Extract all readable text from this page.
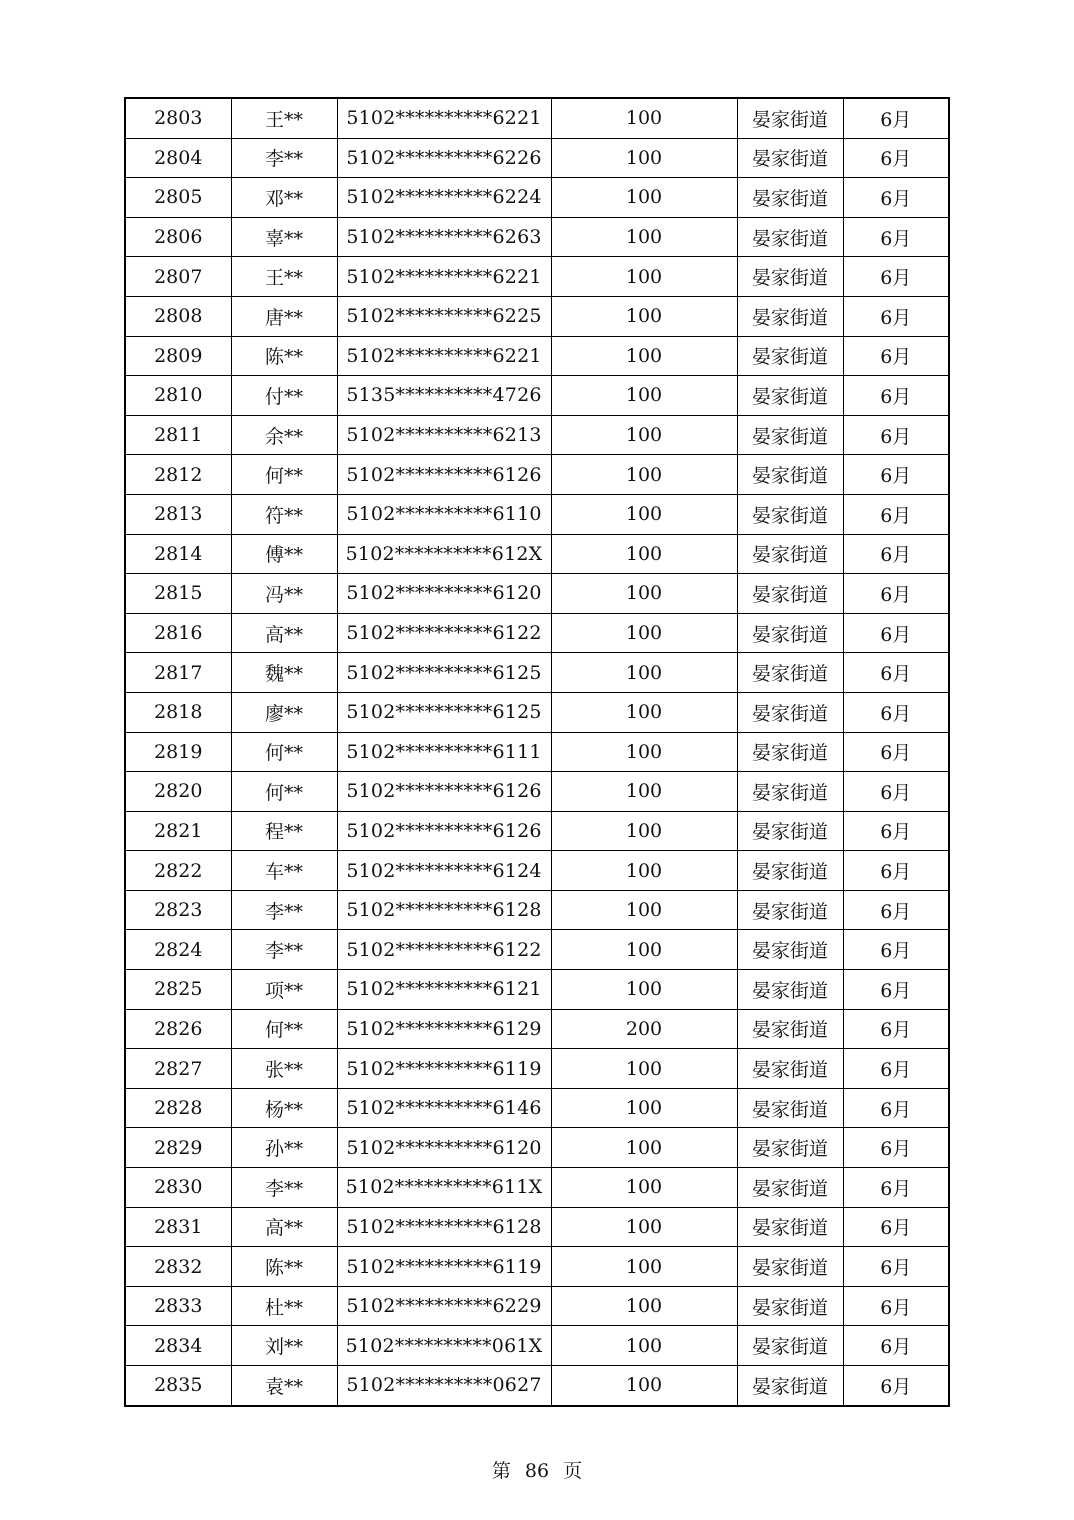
2803	王**	5102**********6221	100	晏家街道	6月
2804	李**	5102**********6226	100	晏家街道	6月
2805	邓**	5102**********6224	100	晏家街道	6月
2806	辜**	5102**********6263	100	晏家街道	6月
2807	王**	5102**********6221	100	晏家街道	6月
2808	唐**	5102**********6225	100	晏家街道	6月
2809	陈**	5102**********6221	100	晏家街道	6月
2810	付**	5135**********4726	100	晏家街道	6月
2811	余**	5102**********6213	100	晏家街道	6月
2812	何**	5102**********6126	100	晏家街道	6月
2813	符**	5102**********6110	100	晏家街道	6月
2814	傅**	5102**********612X	100	晏家街道	6月
2815	冯**	5102**********6120	100	晏家街道	6月
2816	高**	5102**********6122	100	晏家街道	6月
2817	魏**	5102**********6125	100	晏家街道	6月
2818	廖**	5102**********6125	100	晏家街道	6月
2819	何**	5102**********6111	100	晏家街道	6月
2820	何**	5102**********6126	100	晏家街道	6月
2821	程**	5102**********6126	100	晏家街道	6月
2822	车**	5102**********6124	100	晏家街道	6月
2823	李**	5102**********6128	100	晏家街道	6月
2824	李**	5102**********6122	100	晏家街道	6月
2825	项**	5102**********6121	100	晏家街道	6月
2826	何**	5102**********6129	200	晏家街道	6月
2827	张**	5102**********6119	100	晏家街道	6月
2828	杨**	5102**********6146	100	晏家街道	6月
2829	孙**	5102**********6120	100	晏家街道	6月
2830	李**	5102**********611X	100	晏家街道	6月
2831	高**	5102**********6128	100	晏家街道	6月
2832	陈**	5102**********6119	100	晏家街道	6月
2833	杜**	5102**********6229	100	晏家街道	6月
2834	刘**	5102**********061X	100	晏家街道	6月
2835	袁**	5102**********0627	100	晏家街道	6月
第 86 页
